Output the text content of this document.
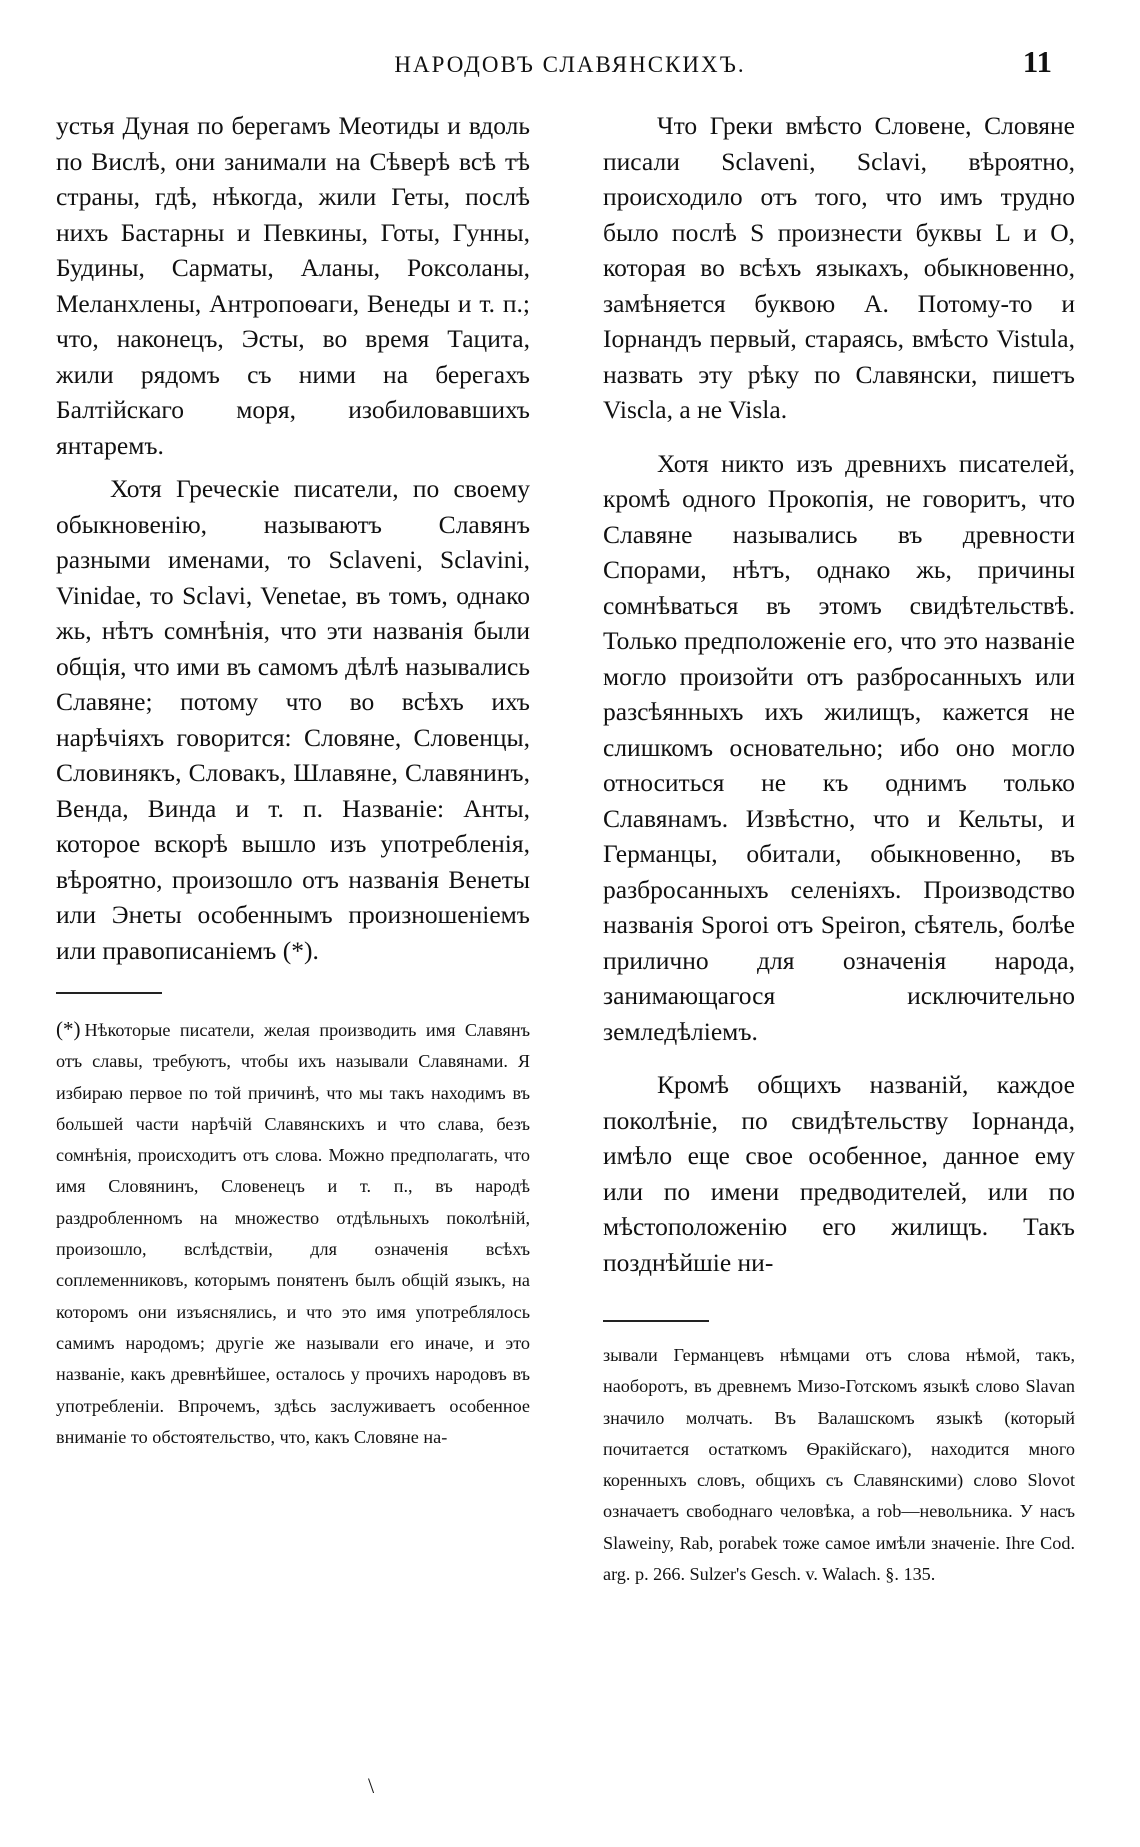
НАРОДОВЪ СЛАВЯНСКИХЪ.	11

устья Дуная по берегамъ Меотиды и вдоль по Вислѣ, они занимали на Сѣверѣ всѣ тѣ страны, гдѣ, нѣкогда, жили Геты, послѣ нихъ Бастарны и Певкины, Готы, Гунны, Будины, Сарматы, Аланы, Роксоланы, Меланхлены, Антропоѳаги, Венеды и т. п.; что, наконецъ, Эсты, во время Тацита, жили рядомъ съ ними на берегахъ Балтійскаго моря, изобиловавшихъ янтаремъ.

Хотя Греческіе писатели, по своему обыкновенію, называютъ Славянъ разными именами, то Sclaveni, Sclavini, Vinidae, то Sclavi, Venetae, въ томъ, однако жь, нѣтъ сомнѣнія, что эти названія были общія, что ими въ самомъ дѣлѣ назывались Славяне; потому что во всѣхъ ихъ нарѣчіяхъ говорится: Словяне, Словенцы, Словинякъ, Словакъ, Шлавяне, Славянинъ, Венда, Винда и т. п. Названіе: Анты, которое вскорѣ вышло изъ употребленія, вѣроятно, произошло отъ названія Венеты или Энеты особеннымъ произношеніемъ или правописаніемъ (*).

(*) Нѣкоторые писатели, желая производить имя Славянъ отъ славы, требуютъ, чтобы ихъ называли Славянами. Я избираю первое по той причинѣ, что мы такъ находимъ въ большей части нарѣчій Славянскихъ и что слава, безъ сомнѣнія, происходитъ отъ слова. Можно предполагать, что имя Словянинъ, Словенецъ и т. п., въ народѣ раздробленномъ на множество отдѣльныхъ поколѣній, произошло, вслѣдствіи, для означенія всѣхъ соплеменниковъ, которымъ понятенъ былъ общій языкъ, на которомъ они изъяснялись, и что это имя употреблялось самимъ народомъ; другіе же называли его иначе, и это названіе, какъ древнѣйшее, осталось у прочихъ народовъ въ употребленіи. Впрочемъ, здѣсь заслуживаетъ особенное вниманіе то обстоятельство, что, какъ Словяне на-

Что Греки вмѣсто Словене, Словяне писали Sclaveni, Sclavi, вѣроятно, происходило отъ того, что имъ трудно было послѣ S произнести буквы L и O, которая во всѣхъ языкахъ, обыкновенно, замѣняется буквою A. Потому-то и Іорнандъ первый, стараясь, вмѣсто Vistula, назвать эту рѣку по Славянски, пишетъ Viscla, а не Visla.

Хотя никто изъ древнихъ писателей, кромѣ одного Прокопія, не говоритъ, что Славяне назывались въ древности Спорами, нѣтъ, однако жь, причины сомнѣваться въ этомъ свидѣтельствѣ. Только предположеніе его, что это названіе могло произойти отъ разбросанныхъ или разсѣянныхъ ихъ жилищъ, кажется не слишкомъ основательно; ибо оно могло относиться не къ однимъ только Славянамъ. Извѣстно, что и Кельты, и Германцы, обитали, обыкновенно, въ разбросанныхъ селеніяхъ. Производство названія Sporoi отъ Speiron, сѣятель, болѣе прилично для означенія народа, занимающагося исключительно земледѣліемъ.

Кромѣ общихъ названій, каждое поколѣніе, по свидѣтельству Іорнанда, имѣло еще свое особенное, данное ему или по имени предводителей, или по мѣстоположенію его жилищъ. Такъ позднѣйшіе ни-

зывали Германцевъ нѣмцами отъ слова нѣмой, такъ, наоборотъ, въ древнемъ Мизо-Готскомъ языкѣ слово Slavan значило молчать. Въ Валашскомъ языкѣ (который почитается остаткомъ Ѳракійскаго), находится много коренныхъ словъ, общихъ съ Славянскими) слово Slovot означаетъ свободнаго человѣка, a rob—невольника. У насъ Slaweiny, Rab, porabek тоже самое имѣли значеніе. Ihre Cod. arg. p. 266. Sulzer's Gesch. v. Walach. §. 135.
\
